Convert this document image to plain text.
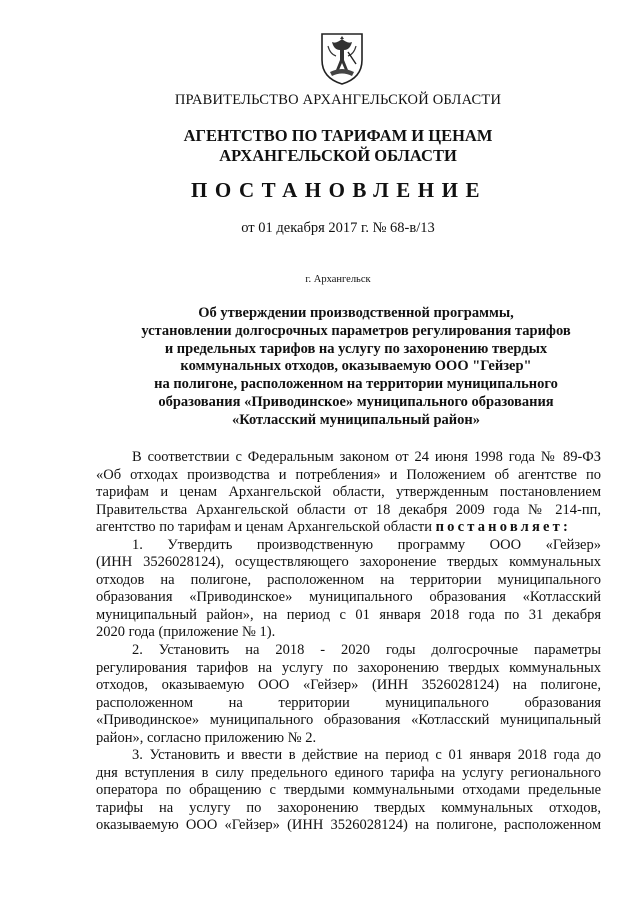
ПРАВИТЕЛЬСТВО АРХАНГЕЛЬСКОЙ ОБЛАСТИ
АГЕНТСТВО ПО ТАРИФАМ И ЦЕНАМ
АРХАНГЕЛЬСКОЙ ОБЛАСТИ
ПОСТАНОВЛЕНИЕ
от 01 декабря 2017 г. № 68-в/13
г. Архангельск
Об утверждении производственной программы,
установлении долгосрочных параметров регулирования тарифов
и предельных тарифов на услугу по захоронению твердых
коммунальных отходов, оказываемую ООО "Гейзер"
на полигоне, расположенном на территории муниципального
образования «Приводинское» муниципального образования
«Котласский муниципальный район»
В соответствии с Федеральным законом от 24 июня 1998 года № 89-ФЗ
«Об отходах производства и потребления» и Положением об агентстве по
тарифам и ценам Архангельской области, утвержденным постановлением
Правительства Архангельской области от 18 декабря 2009 года № 214-пп,
агентство по тарифам и ценам Архангельской области постановляет:
1. Утвердить производственную программу ООО «Гейзер»
(ИНН 3526028124), осуществляющего захоронение твердых коммунальных
отходов на полигоне, расположенном на территории муниципального
образования «Приводинское» муниципального образования «Котласский
муниципальный район», на период с 01 января 2018 года по 31 декабря
2020 года (приложение № 1).
2. Установить на 2018 - 2020 годы долгосрочные параметры
регулирования тарифов на услугу по захоронению твердых коммунальных
отходов, оказываемую ООО «Гейзер» (ИНН 3526028124) на полигоне,
расположенном на территории муниципального образования
«Приводинское» муниципального образования «Котласский муниципальный
район», согласно приложению № 2.
3. Установить и ввести в действие на период с 01 января 2018 года до
дня вступления в силу предельного единого тарифа на услугу регионального
оператора по обращению с твердыми коммунальными отходами предельные
тарифы на услугу по захоронению твердых коммунальных отходов,
оказываемую ООО «Гейзер» (ИНН 3526028124) на полигоне, расположенном
